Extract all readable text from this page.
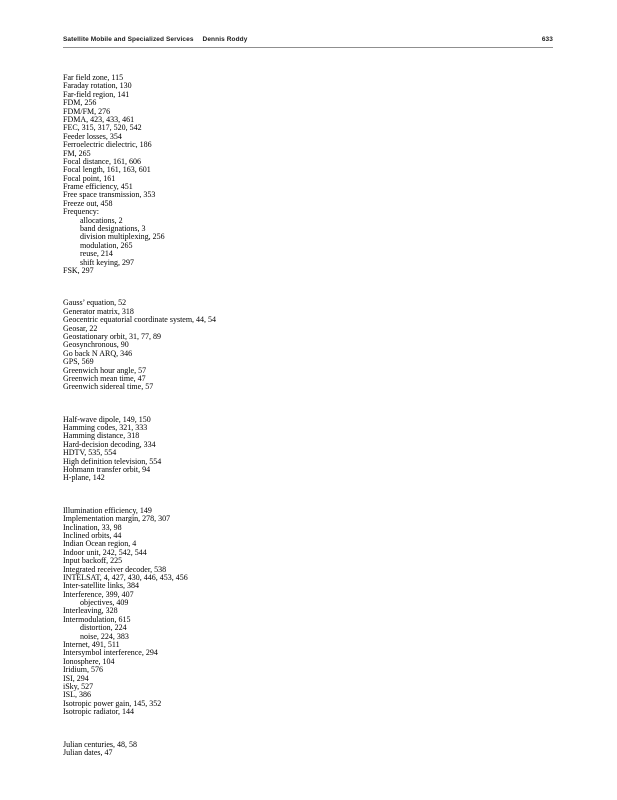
Satellite Mobile and Specialized Services Dennis Roddy	633
Far field zone, 115
Faraday rotation, 130
Far-field region, 141
FDM, 256
FDM/FM, 276
FDMA, 423, 433, 461
FEC, 315, 317, 520, 542
Feeder losses, 354
Ferroelectric dielectric, 186
FM, 265
Focal distance, 161, 606
Focal length, 161, 163, 601
Focal point, 161
Frame efficiency, 451
Free space transmission, 353
Freeze out, 458
Frequency:
allocations, 2
band designations, 3
division multiplexing, 256
modulation, 265
reuse, 214
shift keying, 297
FSK, 297
Gauss’ equation, 52
Generator matrix, 318
Geocentric equatorial coordinate system, 44, 54
Geosar, 22
Geostationary orbit, 31, 77, 89
Geosynchronous, 90
Go back N ARQ, 346
GPS, 569
Greenwich hour angle, 57
Greenwich mean time, 47
Greenwich sidereal time, 57
Half-wave dipole, 149, 150
Hamming codes, 321, 333
Hamming distance, 318
Hard-decision decoding, 334
HDTV, 535, 554
High definition television, 554
Hohmann transfer orbit, 94
H-plane, 142
Illumination efficiency, 149
Implementation margin, 278, 307
Inclination, 33, 98
Inclined orbits, 44
Indian Ocean region, 4
Indoor unit, 242, 542, 544
Input backoff, 225
Integrated receiver decoder, 538
INTELSAT, 4, 427, 430, 446, 453, 456
Inter-satellite links, 384
Interference, 399, 407
objectives, 409
Interleaving, 328
Intermodulation, 615
distortion, 224
noise, 224, 383
Internet, 491, 511
Intersymbol interference, 294
Ionosphere, 104
Iridium, 576
ISI, 294
iSky, 527
ISL, 386
Isotropic power gain, 145, 352
Isotropic radiator, 144
Julian centuries, 48, 58
Julian dates, 47
